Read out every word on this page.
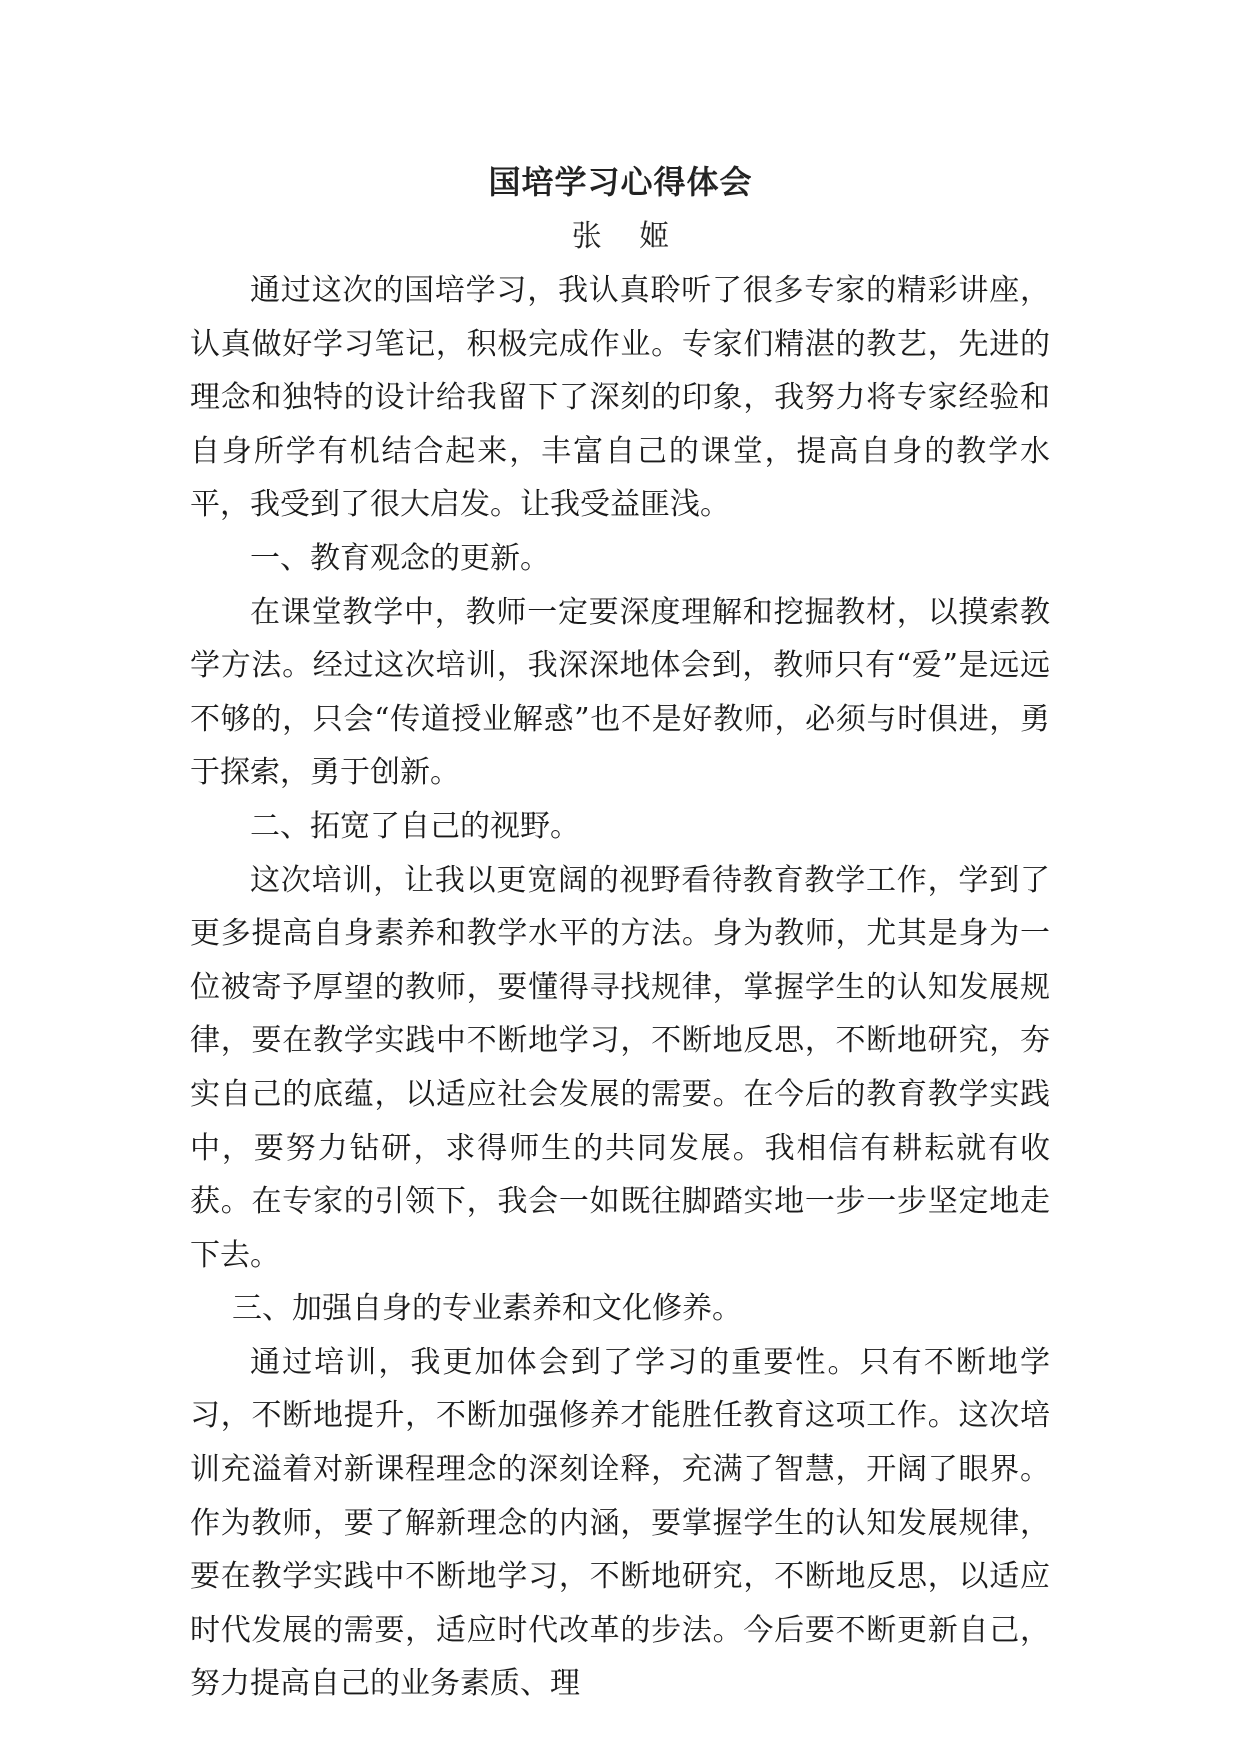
国培学习心得体会
张 姬

通过这次的国培学习，我认真聆听了很多专家的精彩讲座，认真做好学习笔记，积极完成作业。专家们精湛的教艺，先进的理念和独特的设计给我留下了深刻的印象，我努力将专家经验和自身所学有机结合起来，丰富自己的课堂，提高自身的教学水平，我受到了很大启发。让我受益匪浅。

一、教育观念的更新。

在课堂教学中，教师一定要深度理解和挖掘教材，以摸索教学方法。经过这次培训，我深深地体会到，教师只有“爱”是远远不够的，只会“传道授业解惑”也不是好教师，必须与时俱进，勇于探索，勇于创新。

二、拓宽了自己的视野。

这次培训，让我以更宽阔的视野看待教育教学工作，学到了更多提高自身素养和教学水平的方法。身为教师，尤其是身为一位被寄予厚望的教师，要懂得寻找规律，掌握学生的认知发展规律，要在教学实践中不断地学习，不断地反思，不断地研究，夯实自己的底蕴，以适应社会发展的需要。在今后的教育教学实践中，要努力钻研，求得师生的共同发展。我相信有耕耘就有收获。在专家的引领下，我会一如既往脚踏实地一步一步坚定地走下去。

三、加强自身的专业素养和文化修养。

通过培训，我更加体会到了学习的重要性。只有不断地学习，不断地提升，不断加强修养才能胜任教育这项工作。这次培训充溢着对新课程理念的深刻诠释，充满了智慧，开阔了眼界。作为教师，要了解新理念的内涵，要掌握学生的认知发展规律，要在教学实践中不断地学习，不断地研究，不断地反思，以适应时代发展的需要，适应时代改革的步法。今后要不断更新自己，努力提高自己的业务素质、理
